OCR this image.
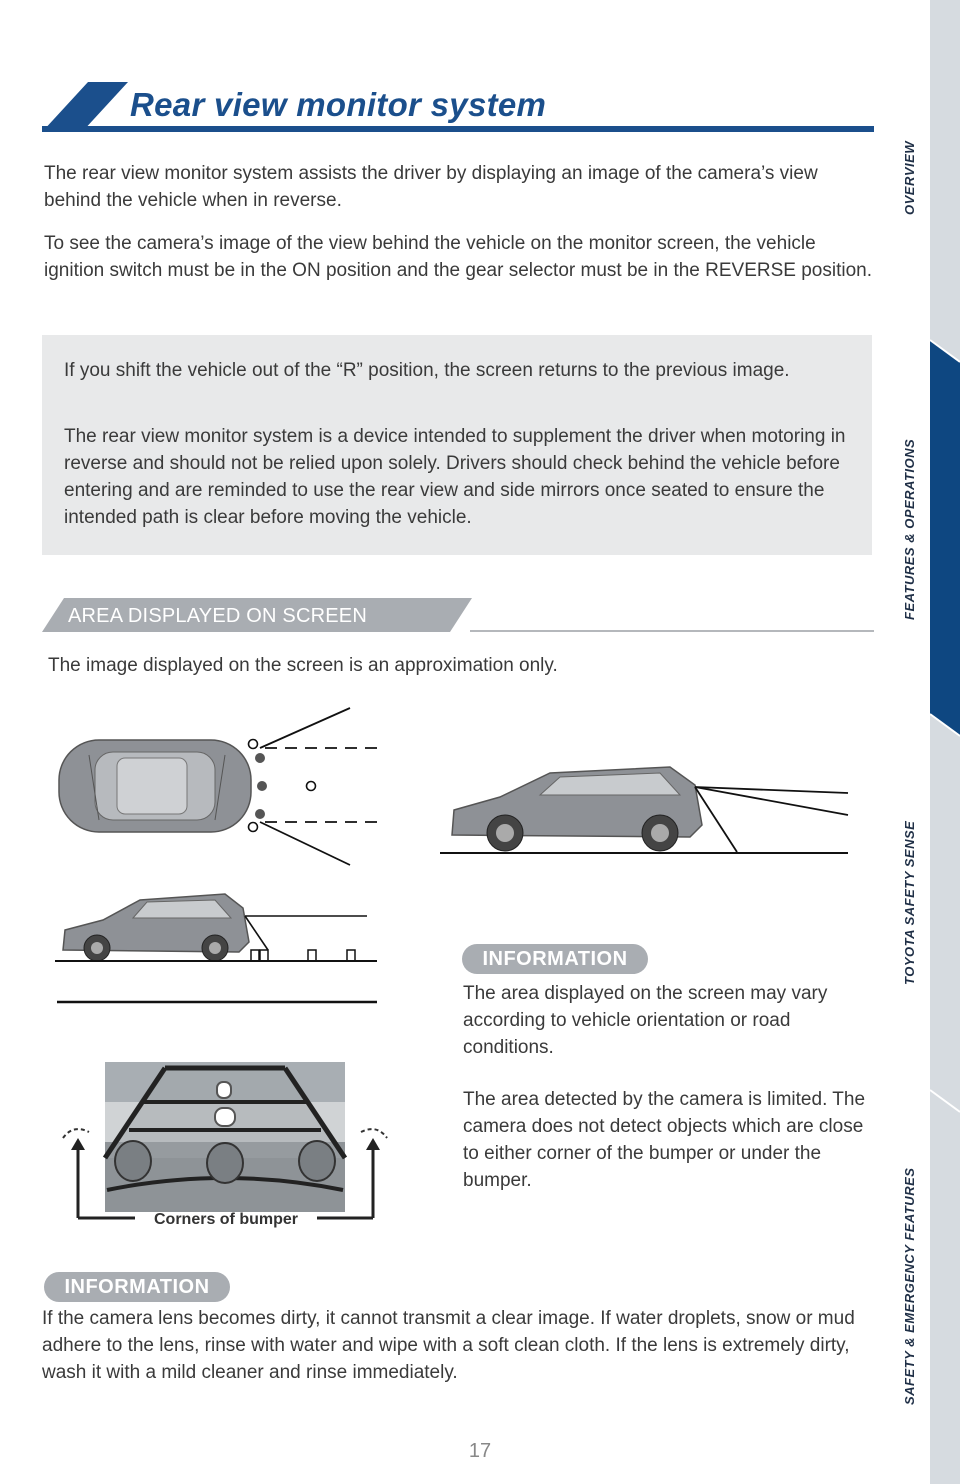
Rear view monitor system
The rear view monitor system assists the driver by displaying an image of the camera’s view behind the vehicle when in reverse.
To see the camera’s image of the view behind the vehicle on the monitor screen, the vehicle ignition switch must be in the ON position and the gear selector must be in the REVERSE position.

If you shift the vehicle out of the “R” position, the screen returns to the previous image.

The rear view monitor system is a device intended to supplement the driver when motoring in reverse and should not be relied upon solely. Drivers should check behind the vehicle before entering and are reminded to use the rear view and side mirrors once seated to ensure the intended path is clear before moving the vehicle.

AREA DISPLAYED ON SCREEN
The image displayed on the screen is an approximation only.
INFORMATION
The area displayed on the screen may vary according to vehicle orientation or road conditions.
The area detected by the camera is limited. The camera does not detect objects which are close to either corner of the bumper or under the bumper.
Corners of bumper
INFORMATION
If the camera lens becomes dirty, it cannot transmit a clear image. If water droplets, snow or mud adhere to the lens, rinse with water and wipe with a soft clean cloth. If the lens is extremely dirty, wash it with a mild cleaner and rinse immediately.
17
OVERVIEW
FEATURES & OPERATIONS
TOYOTA SAFETY SENSE
SAFETY & EMERGENCY FEATURES
